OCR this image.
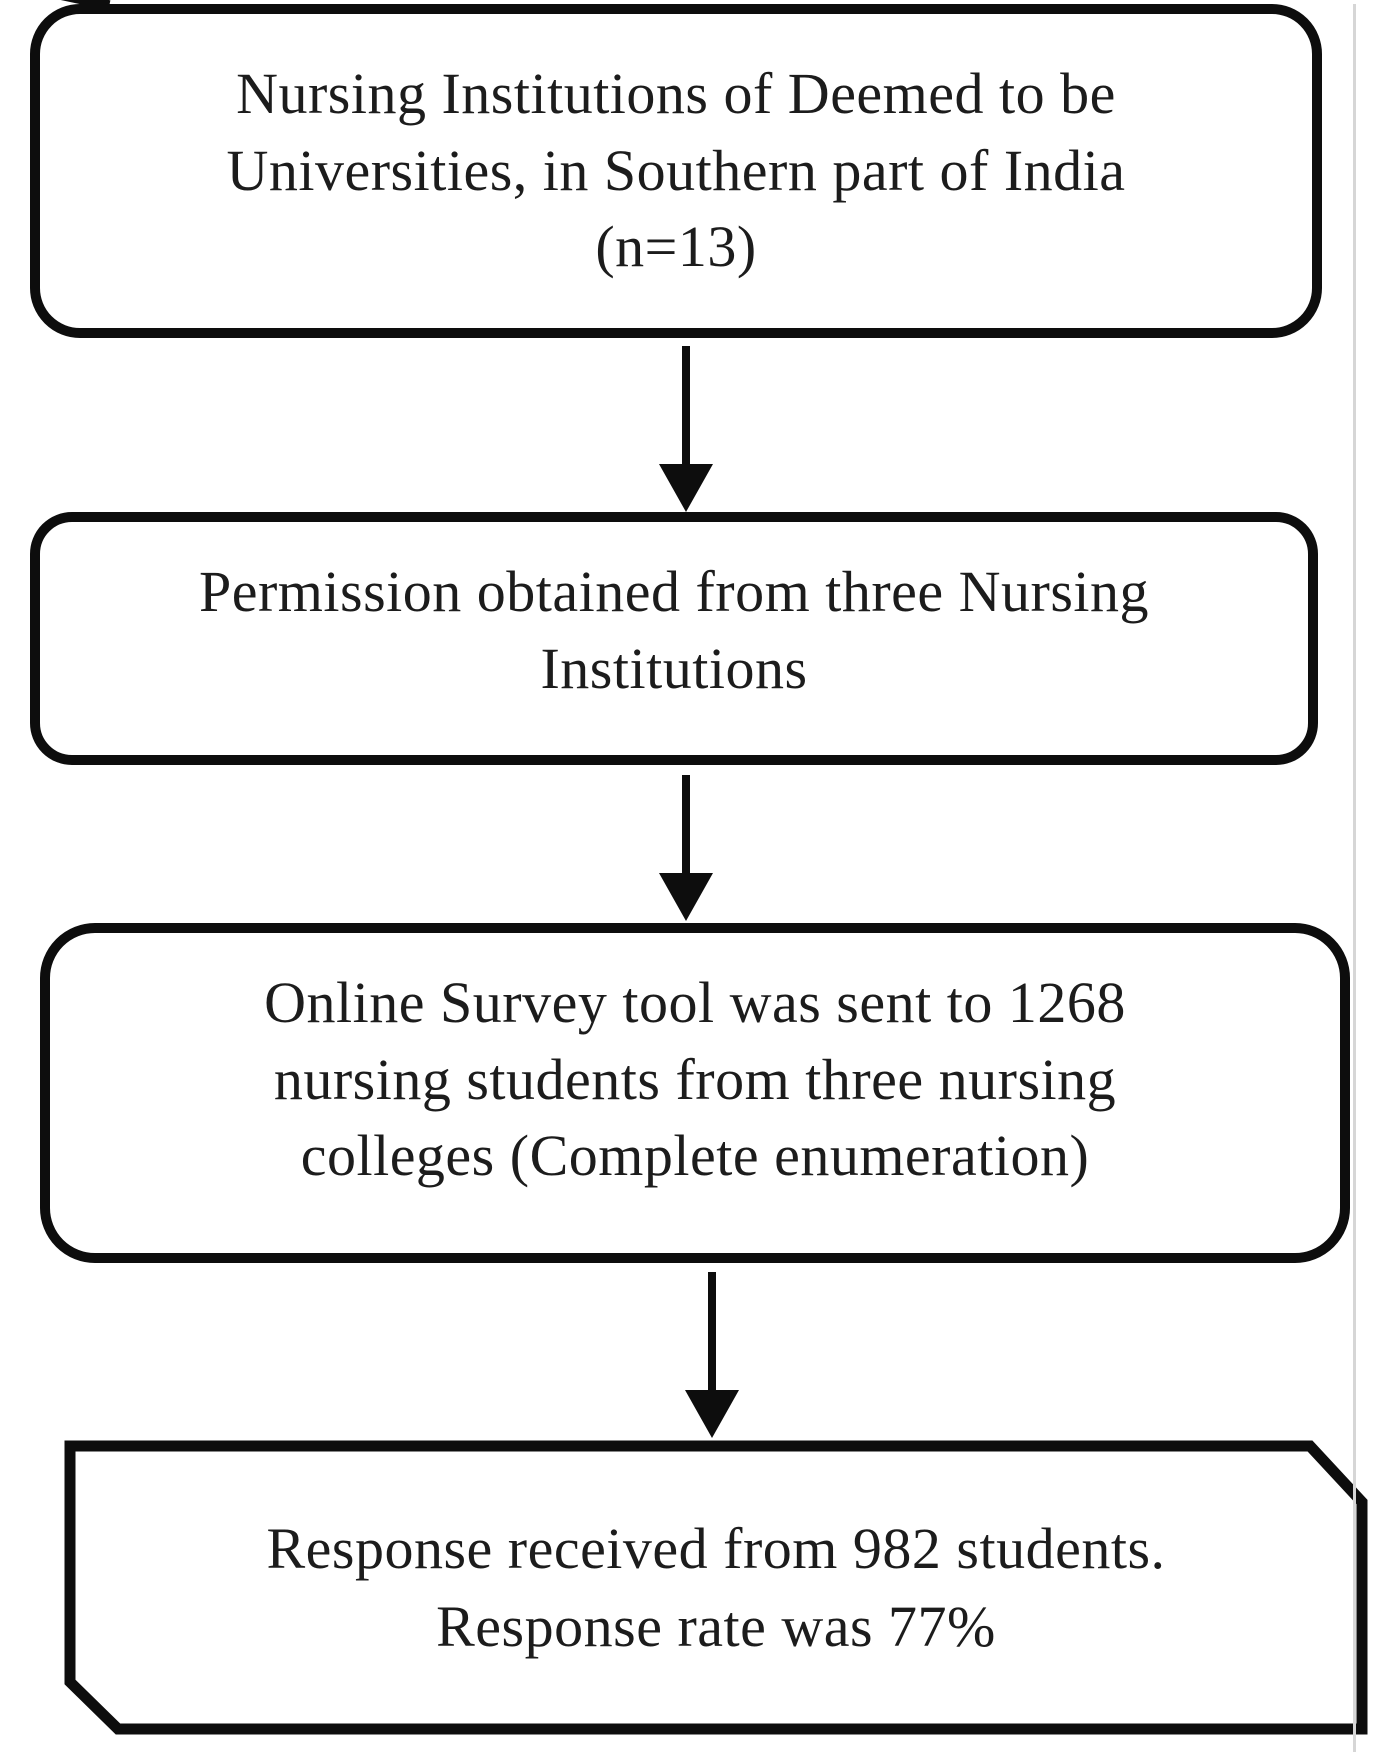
Nursing Institutions of Deemed to be
Universities, in Southern part of India
(n=13)
Permission obtained from three Nursing
Institutions
Online Survey tool was sent to 1268
nursing students from three nursing
colleges (Complete enumeration)
Response received from 982 students.
Response rate was 77%
